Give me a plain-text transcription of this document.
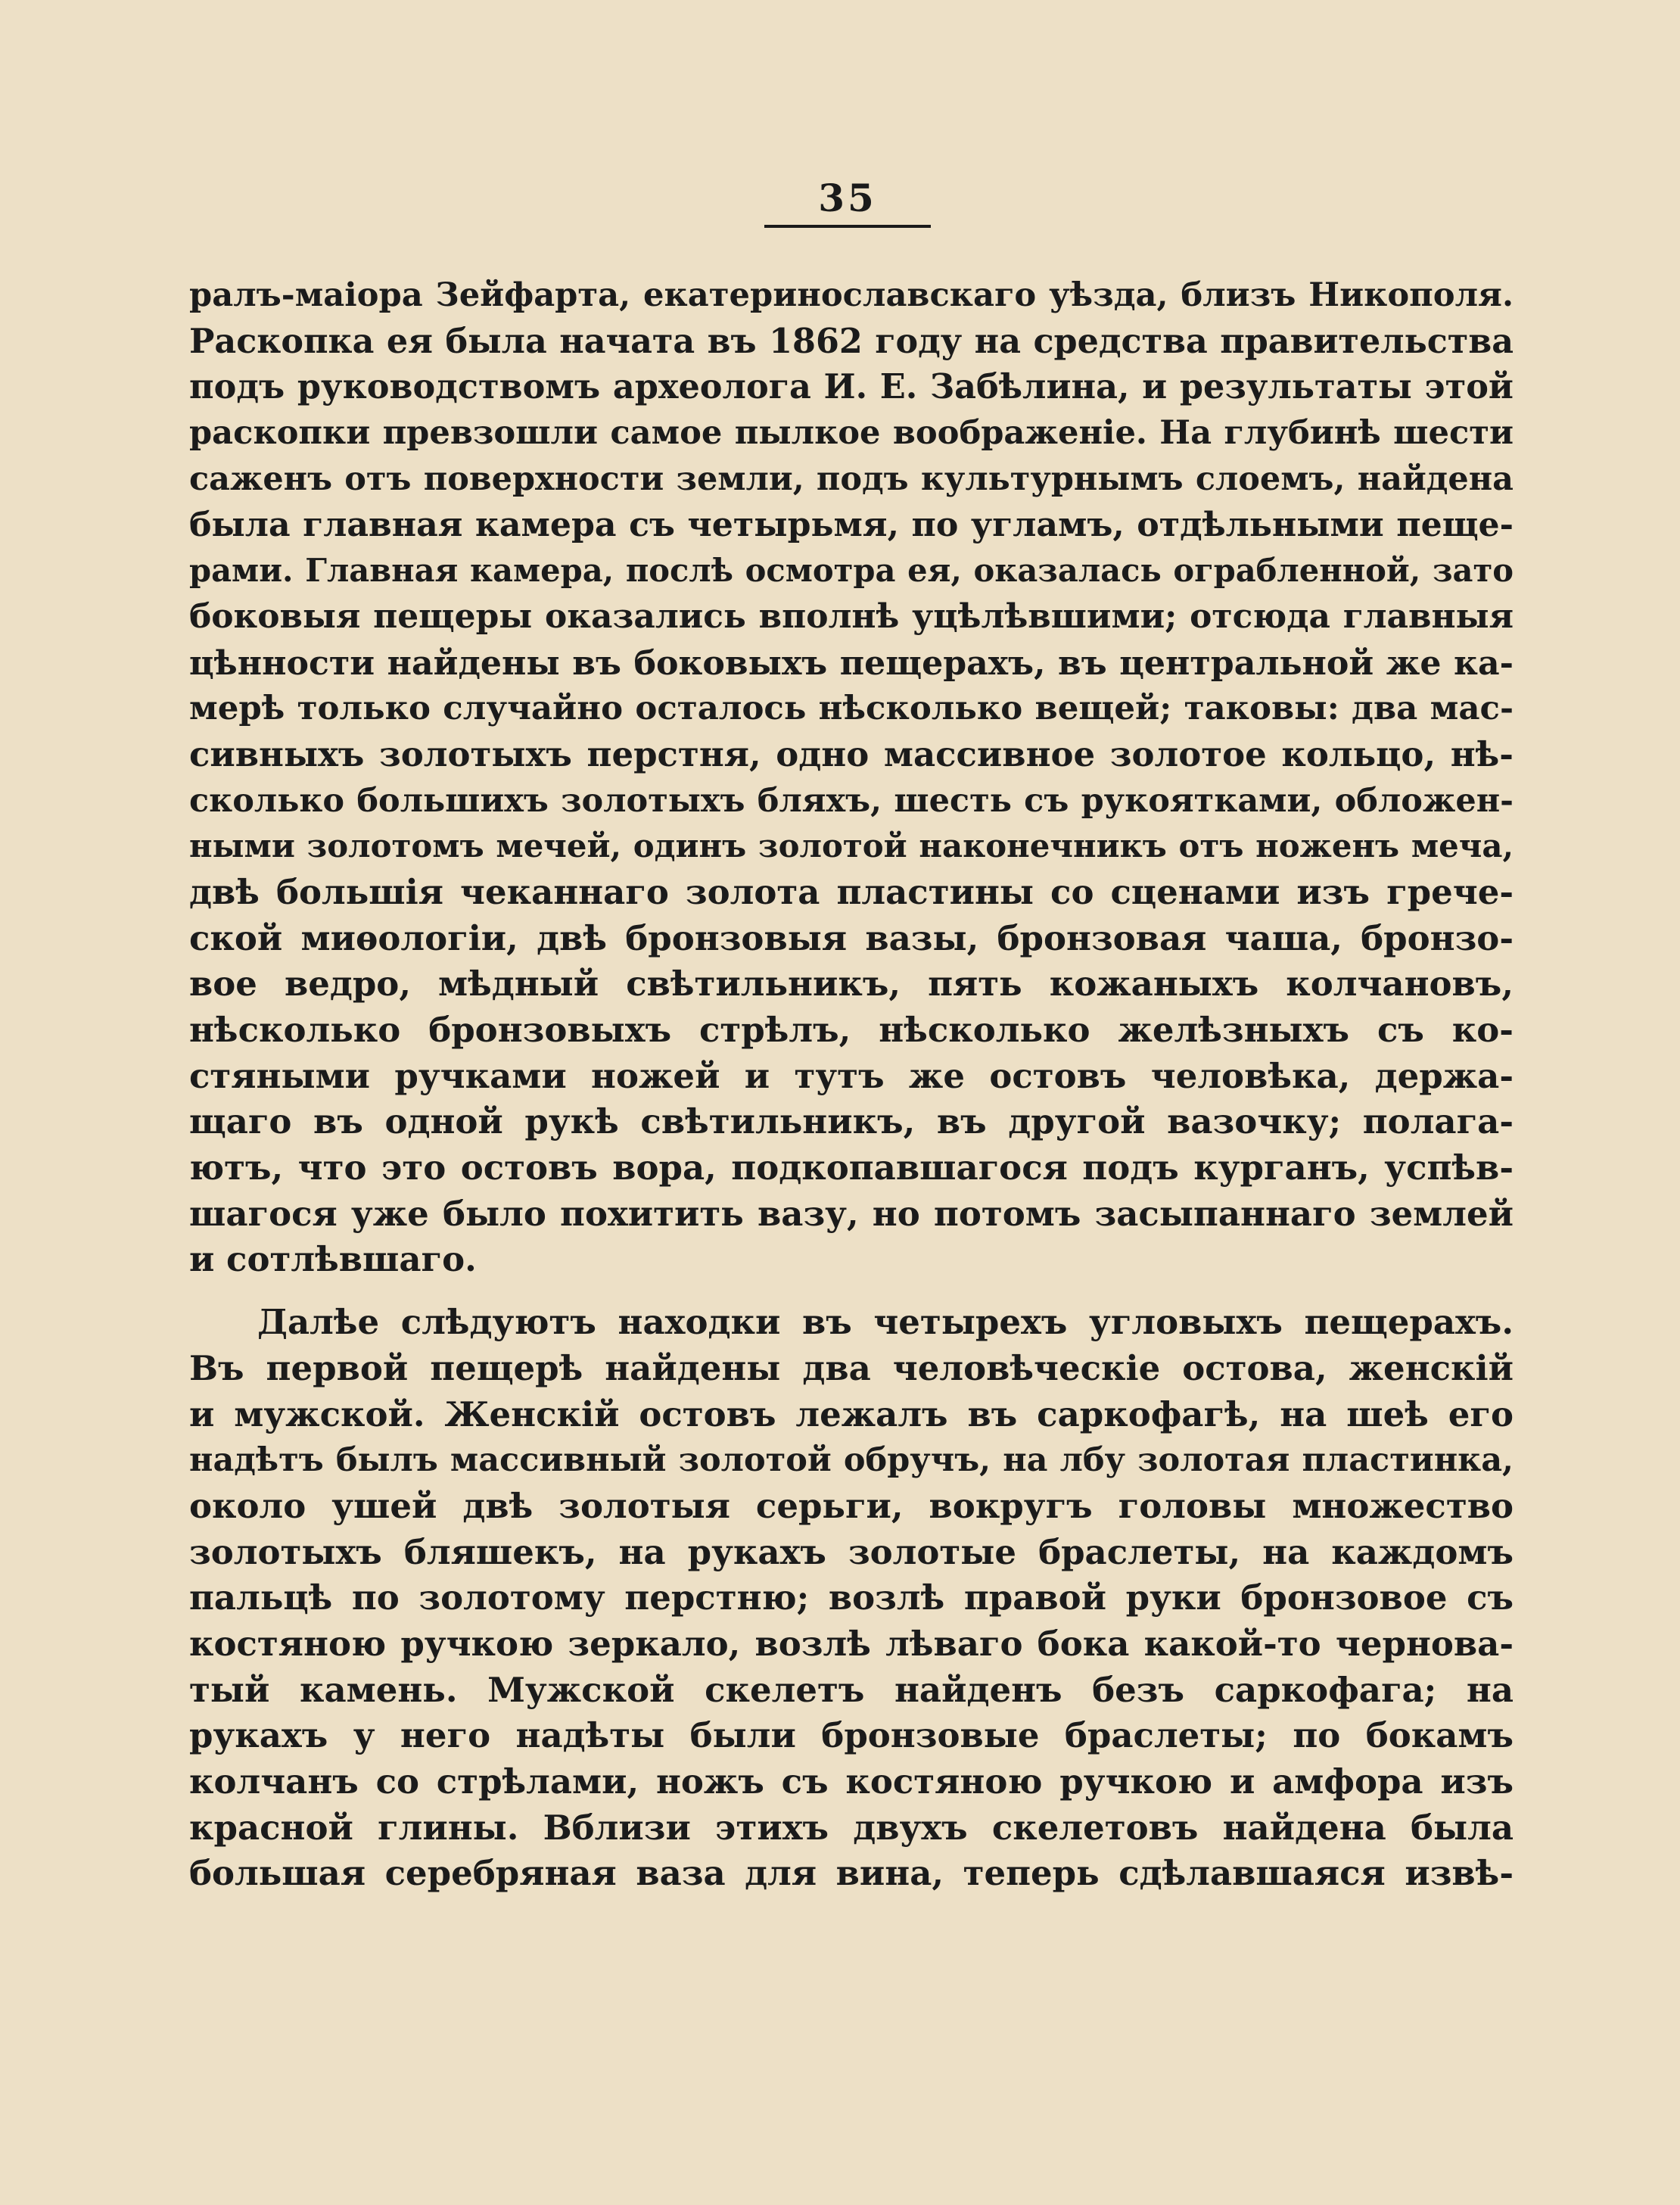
35
ралъ-маіора Зейфарта, екатеринославскаго уѣзда, близъ Никополя.
Раскопка ея была начата въ 1862 году на средства правительства
подъ руководствомъ археолога И. Е. Забѣлина, и результаты этой
раскопки превзошли самое пылкое воображеніе. На глубинѣ шести
саженъ отъ поверхности земли, подъ культурнымъ слоемъ, найдена
была главная камера съ четырьмя, по угламъ, отдѣльными пеще-
рами. Главная камера, послѣ осмотра ея, оказалась ограбленной, зато
боковыя пещеры оказались вполнѣ уцѣлѣвшими; отсюда главныя
цѣнности найдены въ боковыхъ пещерахъ, въ центральной же ка-
мерѣ только случайно осталось нѣсколько вещей; таковы: два мас-
сивныхъ золотыхъ перстня, одно массивное золотое кольцо, нѣ-
сколько большихъ золотыхъ бляхъ, шесть съ рукоятками, обложен-
ными золотомъ мечей, одинъ золотой наконечникъ отъ ноженъ меча,
двѣ большія чеканнаго золота пластины со сценами изъ грече-
ской миѳологіи, двѣ бронзовыя вазы, бронзовая чаша, бронзо-
вое ведро, мѣдный свѣтильникъ, пять кожаныхъ колчановъ,
нѣсколько бронзовыхъ стрѣлъ, нѣсколько желѣзныхъ съ ко-
стяными ручками ножей и тутъ же остовъ человѣка, держа-
щаго въ одной рукѣ свѣтильникъ, въ другой вазочку; полага-
ютъ, что это остовъ вора, подкопавшагося подъ курганъ, успѣв-
шагося уже было похитить вазу, но потомъ засыпаннаго землей
и сотлѣвшаго.
Далѣе слѣдуютъ находки въ четырехъ угловыхъ пещерахъ.
Въ первой пещерѣ найдены два человѣческіе остова, женскій
и мужской. Женскій остовъ лежалъ въ саркофагѣ, на шеѣ его
надѣтъ былъ массивный золотой обручъ, на лбу золотая пластинка,
около ушей двѣ золотыя серьги, вокругъ головы множество
золотыхъ бляшекъ, на рукахъ золотые браслеты, на каждомъ
пальцѣ по золотому перстню; возлѣ правой руки бронзовое съ
костяною ручкою зеркало, возлѣ лѣваго бока какой-то чернова-
тый камень. Мужской скелетъ найденъ безъ саркофага; на
рукахъ у него надѣты были бронзовые браслеты; по бокамъ
колчанъ со стрѣлами, ножъ съ костяною ручкою и амфора изъ
красной глины. Вблизи этихъ двухъ скелетовъ найдена была
большая серебряная ваза для вина, теперь сдѣлавшаяся извѣ-
